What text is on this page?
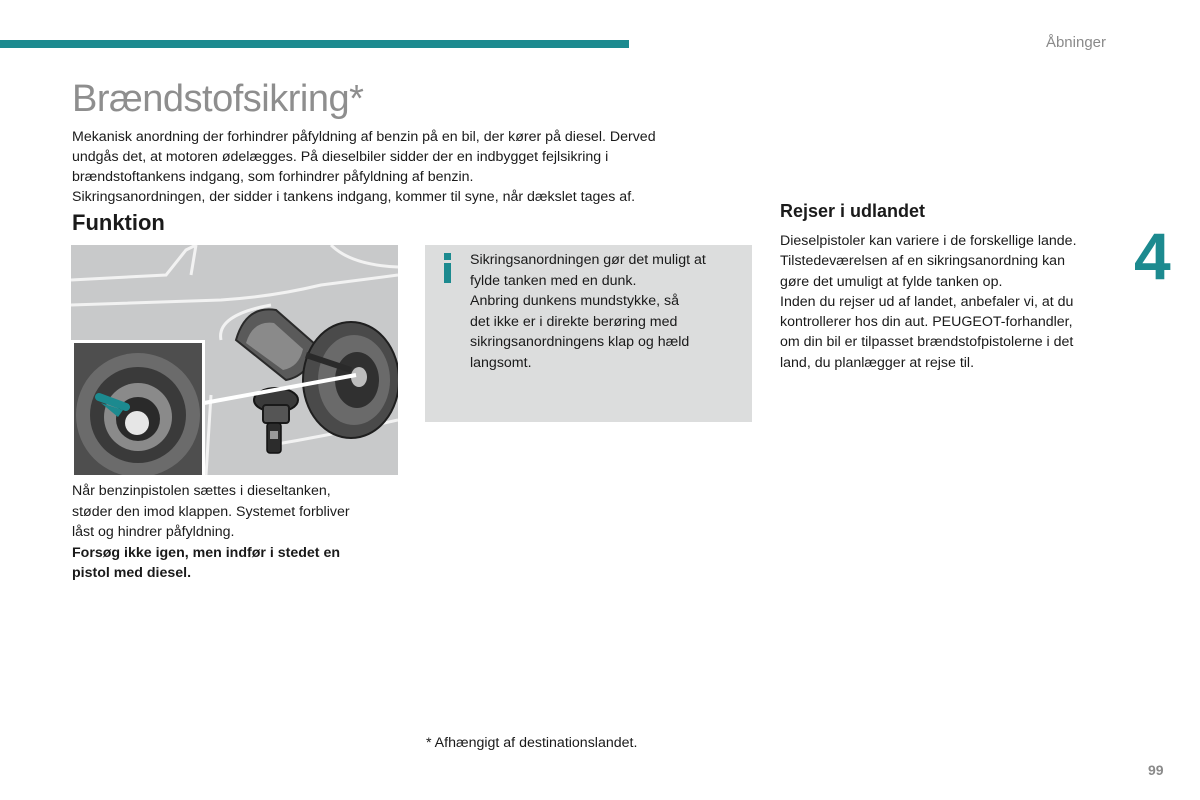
Åbninger
Brændstofsikring*

Mekanisk anordning der forhindrer påfyldning af benzin på en bil, der kører på diesel. Derved

undgås det, at motoren ødelægges. På dieselbiler sidder der en indbygget fejlsikring i

brændstoftankens indgang, som forhindrer påfyldning af benzin.

Sikringsanordningen, der sidder i tankens indgang, kommer til syne, når dækslet tages af.

Funktion

Når benzinpistolen sættes i dieseltanken,

støder den imod klappen. Systemet forbliver

låst og hindrer påfyldning.

Forsøg ikke igen, men indfør i stedet en

pistol med diesel.

Sikringsanordningen gør det muligt at

fylde tanken med en dunk.

Anbring dunkens mundstykke, så

det ikke er i direkte berøring med

sikringsanordningens klap og hæld

langsomt.

Rejser i udlandet

Dieselpistoler kan variere i de forskellige lande.

Tilstedeværelsen af en sikringsanordning kan

gøre det umuligt at fylde tanken op.

Inden du rejser ud af landet, anbefaler vi, at du

kontrollerer hos din aut. PEUGEOT-forhandler,

om din bil er tilpasset brændstofpistolerne i det

land, du planlægger at rejse til.

4
* Afhængigt af destinationslandet.
99
